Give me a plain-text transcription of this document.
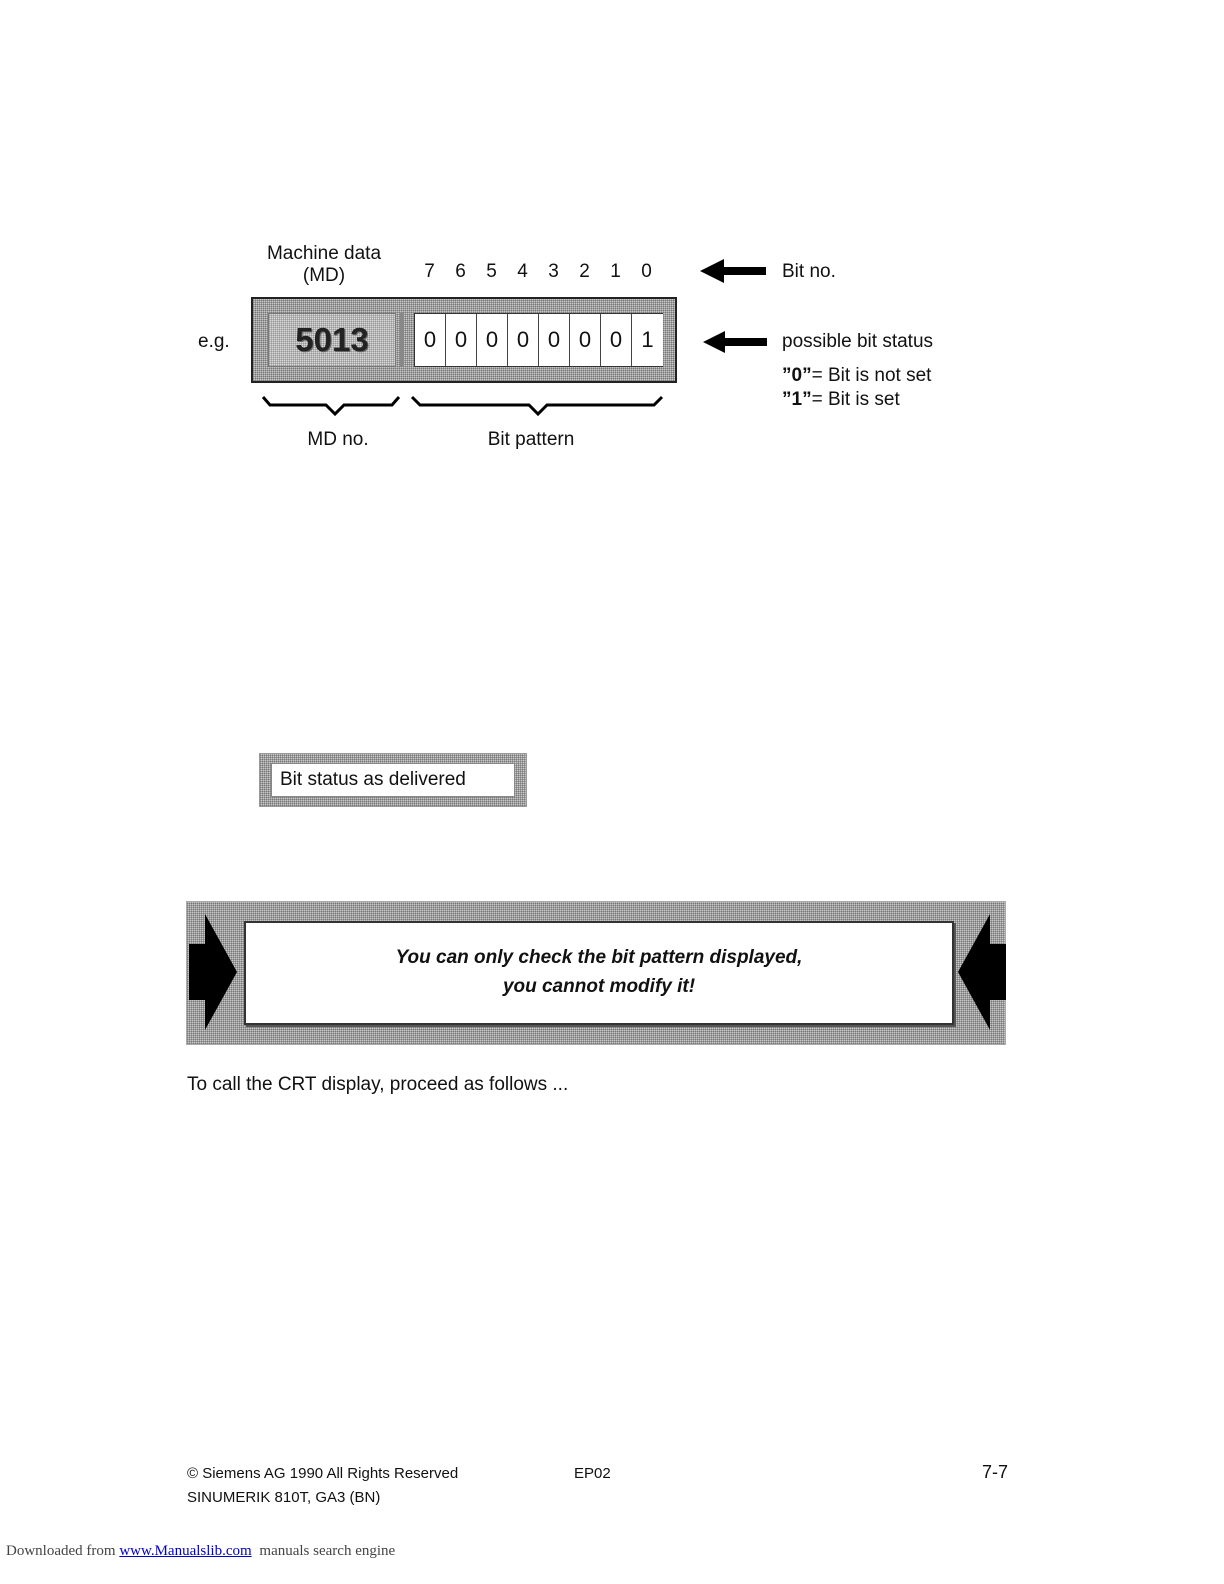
Machine data
(MD)	7	6	5	4	3	2	1	0	Bit no.
e.g.	5013	0 0 0 0 0 0 0 1	possible bit status
”0”= Bit is not set
”1”= Bit is set
MD no.	Bit pattern
Bit status as delivered
You can only check the bit pattern displayed,
you cannot modify it!
To call the CRT display, proceed as follows ...
© Siemens AG 1990 All Rights Reserved	EP02	7-7
SINUMERIK 810T, GA3 (BN)
Downloaded from www.Manualslib.com manuals search engine
